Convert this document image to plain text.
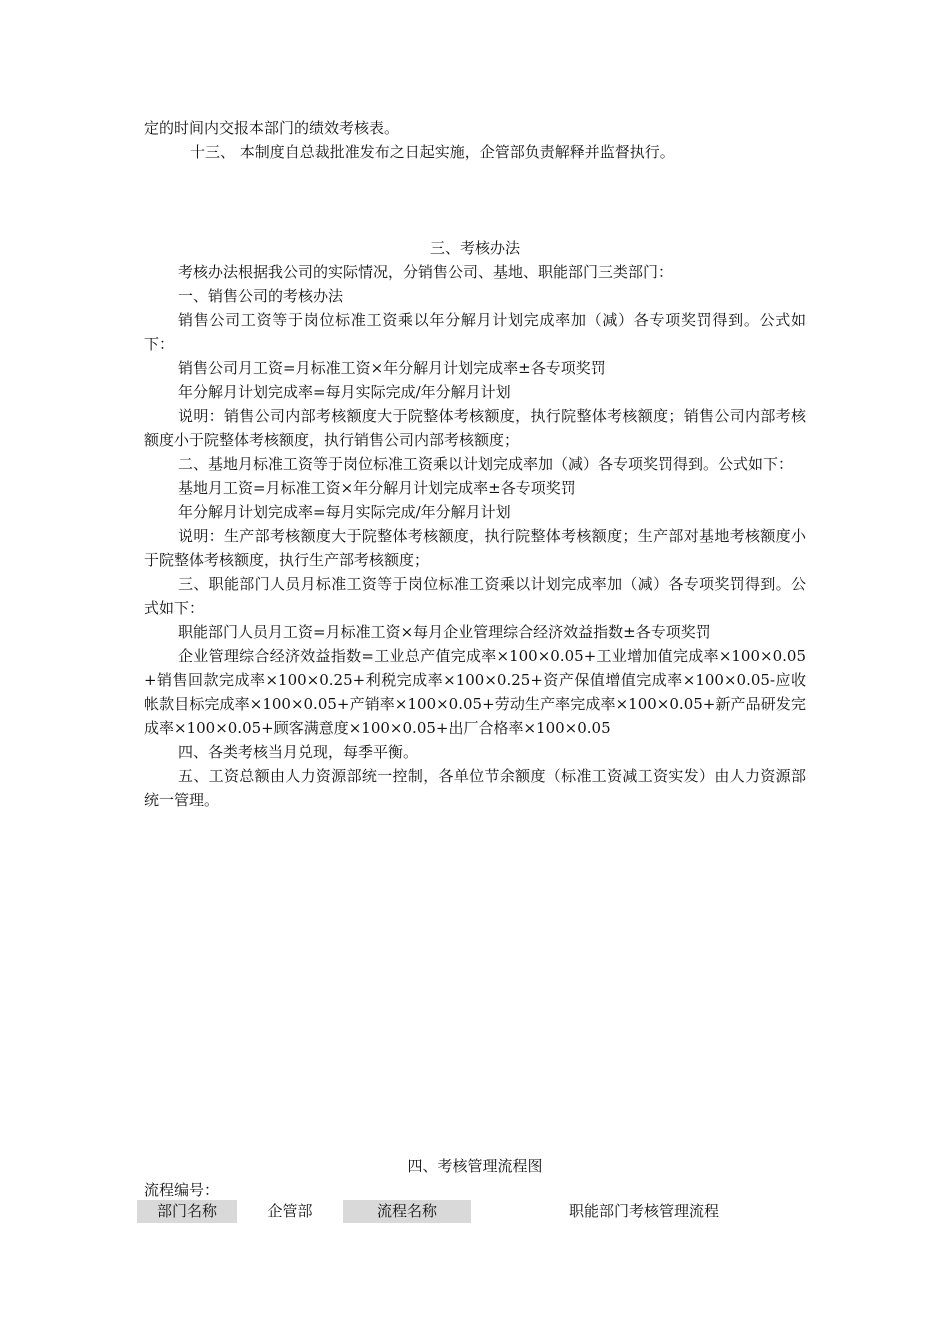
定的时间内交报本部门的绩效考核表。

十三、 本制度自总裁批准发布之日起实施，企管部负责解释并监督执行。

三、考核办法

考核办法根据我公司的实际情况，分销售公司、基地、职能部门三类部门：

一、销售公司的考核办法

销售公司工资等于岗位标准工资乘以年分解月计划完成率加（减）各专项奖罚得到。公式如下：

销售公司月工资=月标准工资×年分解月计划完成率±各专项奖罚

年分解月计划完成率=每月实际完成/年分解月计划

说明：销售公司内部考核额度大于院整体考核额度，执行院整体考核额度；销售公司内部考核额度小于院整体考核额度，执行销售公司内部考核额度；

二、基地月标准工资等于岗位标准工资乘以计划完成率加（减）各专项奖罚得到。公式如下：

基地月工资=月标准工资×年分解月计划完成率±各专项奖罚

年分解月计划完成率=每月实际完成/年分解月计划

说明：生产部考核额度大于院整体考核额度，执行院整体考核额度；生产部对基地考核额度小于院整体考核额度，执行生产部考核额度；

三、职能部门人员月标准工资等于岗位标准工资乘以计划完成率加（减）各专项奖罚得到。公式如下：

职能部门人员月工资=月标准工资×每月企业管理综合经济效益指数±各专项奖罚

企业管理综合经济效益指数=工业总产值完成率×100×0.05+工业增加值完成率×100×0.05+销售回款完成率×100×0.25+利税完成率×100×0.25+资产保值增值完成率×100×0.05-应收帐款目标完成率×100×0.05+产销率×100×0.05+劳动生产率完成率×100×0.05+新产品研发完成率×100×0.05+顾客满意度×100×0.05+出厂合格率×100×0.05

四、各类考核当月兑现，每季平衡。

五、工资总额由人力资源部统一控制，各单位节余额度（标准工资减工资实发）由人力资源部统一管理。

四、考核管理流程图

流程编号：

部门名称	企管部	流程名称	职能部门考核管理流程
